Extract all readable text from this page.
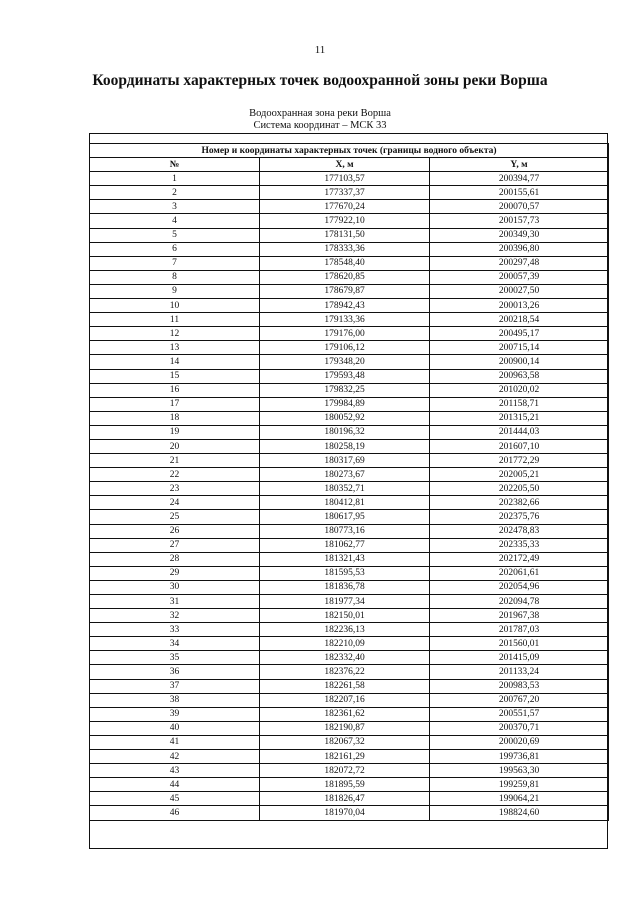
11
Координаты характерных точек водоохранной зоны реки Ворша
Водоохранная зона реки Ворша
Система координат – МСК 33
Номер и координаты характерных точек (границы водного объекта)		
№	X, м	Y, м
1	177103,57	200394,77
2	177337,37	200155,61
3	177670,24	200070,57
4	177922,10	200157,73
5	178131,50	200349,30
6	178333,36	200396,80
7	178548,40	200297,48
8	178620,85	200057,39
9	178679,87	200027,50
10	178942,43	200013,26
11	179133,36	200218,54
12	179176,00	200495,17
13	179106,12	200715,14
14	179348,20	200900,14
15	179593,48	200963,58
16	179832,25	201020,02
17	179984,89	201158,71
18	180052,92	201315,21
19	180196,32	201444,03
20	180258,19	201607,10
21	180317,69	201772,29
22	180273,67	202005,21
23	180352,71	202205,50
24	180412,81	202382,66
25	180617,95	202375,76
26	180773,16	202478,83
27	181062,77	202335,33
28	181321,43	202172,49
29	181595,53	202061,61
30	181836,78	202054,96
31	181977,34	202094,78
32	182150,01	201967,38
33	182236,13	201787,03
34	182210,09	201560,01
35	182332,40	201415,09
36	182376,22	201133,24
37	182261,58	200983,53
38	182207,16	200767,20
39	182361,62	200551,57
40	182190,87	200370,71
41	182067,32	200020,69
42	182161,29	199736,81
43	182072,72	199563,30
44	181895,59	199259,81
45	181826,47	199064,21
46	181970,04	198824,60
